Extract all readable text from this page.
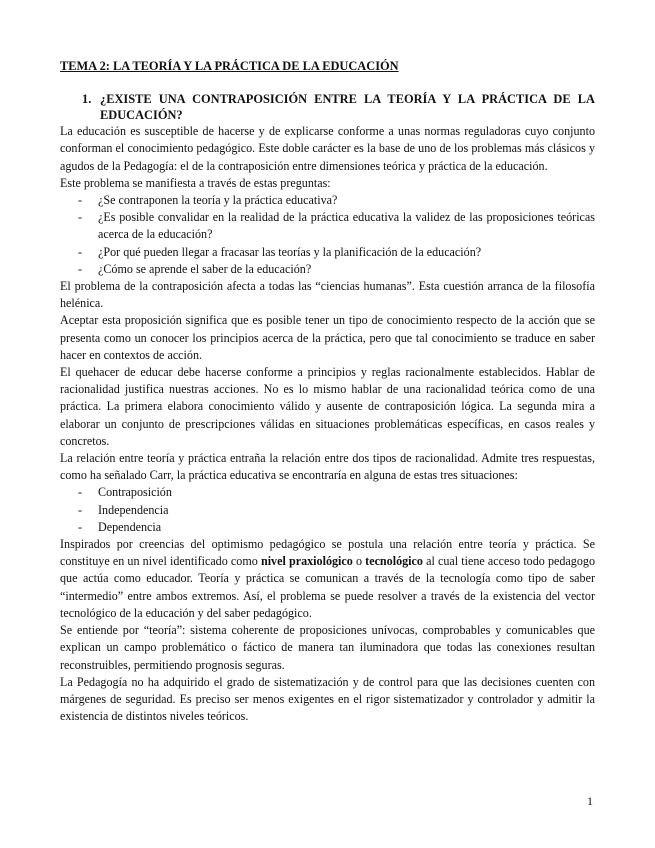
TEMA 2: LA TEORÍA Y LA PRÁCTICA DE LA EDUCACIÓN
1. ¿EXISTE UNA CONTRAPOSICIÓN ENTRE LA TEORÍA Y LA PRÁCTICA DE LA EDUCACIÓN?

La educación es susceptible de hacerse y de explicarse conforme a unas normas reguladoras cuyo conjunto conforman el conocimiento pedagógico. Este doble carácter es la base de uno de los problemas más clásicos y agudos de la Pedagogía: el de la contraposición entre dimensiones teórica y práctica de la educación.

Este problema se manifiesta a través de estas preguntas:

-	¿Se contraponen la teoría y la práctica educativa?
-	¿Es posible convalidar en la realidad de la práctica educativa la validez de las proposiciones teóricas acerca de la educación?
-	¿Por qué pueden llegar a fracasar las teorías y la planificación de la educación?
-	¿Cómo se aprende el saber de la educación?

El problema de la contraposición afecta a todas las “ciencias humanas”. Esta cuestión arranca de la filosofía helénica.

Aceptar esta proposición significa que es posible tener un tipo de conocimiento respecto de la acción que se presenta como un conocer los principios acerca de la práctica, pero que tal conocimiento se traduce en saber hacer en contextos de acción.

El quehacer de educar debe hacerse conforme a principios y reglas racionalmente establecidos. Hablar de racionalidad justifica nuestras acciones. No es lo mismo hablar de una racionalidad teórica como de una práctica. La primera elabora conocimiento válido y ausente de contraposición lógica. La segunda mira a elaborar un conjunto de prescripciones válidas en situaciones problemáticas específicas, en casos reales y concretos.

La relación entre teoría y práctica entraña la relación entre dos tipos de racionalidad. Admite tres respuestas, como ha señalado Carr, la práctica educativa se encontraría en alguna de estas tres situaciones:

-	Contraposición
-	Independencia
-	Dependencia

Inspirados por creencias del optimismo pedagógico se postula una relación entre teoría y práctica. Se constituye en un nivel identificado como nivel praxiológico o tecnológico al cual tiene acceso todo pedagogo que actúa como educador. Teoría y práctica se comunican a través de la tecnología como tipo de saber “intermedio” entre ambos extremos. Así, el problema se puede resolver a través de la existencia del vector tecnológico de la educación y del saber pedagógico.

Se entiende por “teoría”: sistema coherente de proposiciones unívocas, comprobables y comunicables que explican un campo problemático o fáctico de manera tan iluminadora que todas las conexiones resultan reconstruibles, permitiendo prognosis seguras.

La Pedagogía no ha adquirido el grado de sistematización y de control para que las decisiones cuenten con márgenes de seguridad. Es preciso ser menos exigentes en el rigor sistematizador y controlador y admitir la existencia de distintos niveles teóricos.

1
